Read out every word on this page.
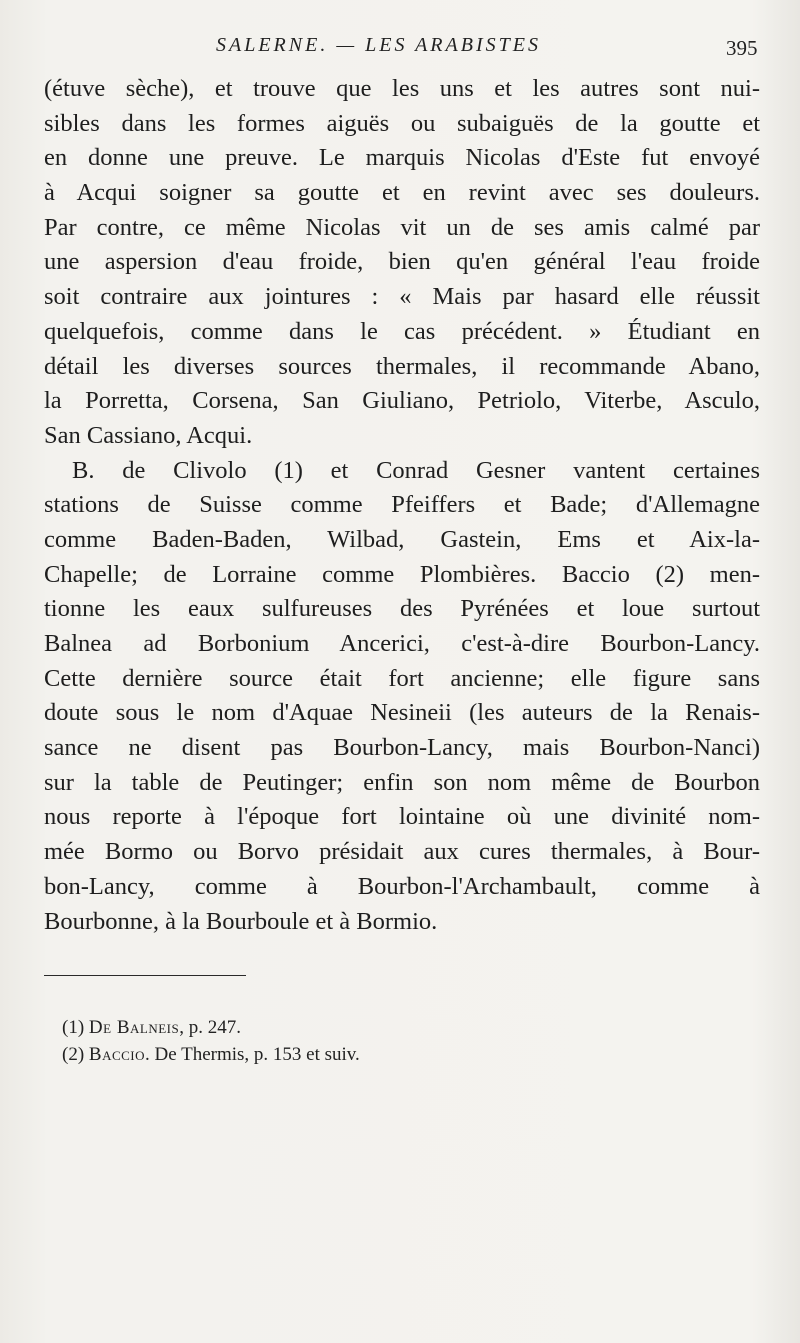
SALERNE. — LES ARABISTES	395
(étuve sèche), et trouve que les uns et les autres sont nui-
sibles dans les formes aiguës ou subaiguës de la goutte et
en donne une preuve. Le marquis Nicolas d'Este fut envoyé
à Acqui soigner sa goutte et en revint avec ses douleurs.
Par contre, ce même Nicolas vit un de ses amis calmé par
une aspersion d'eau froide, bien qu'en général l'eau froide
soit contraire aux jointures : « Mais par hasard elle réussit
quelquefois, comme dans le cas précédent. » Étudiant en
détail les diverses sources thermales, il recommande Abano,
la Porretta, Corsena, San Giuliano, Petriolo, Viterbe, Asculo,
San Cassiano, Acqui.
B. de Clivolo (1) et Conrad Gesner vantent certaines
stations de Suisse comme Pfeiffers et Bade; d'Allemagne
comme Baden-Baden, Wilbad, Gastein, Ems et Aix-la-
Chapelle; de Lorraine comme Plombières. Baccio (2) men-
tionne les eaux sulfureuses des Pyrénées et loue surtout
Balnea ad Borbonium Ancerici, c'est-à-dire Bourbon-Lancy.
Cette dernière source était fort ancienne; elle figure sans
doute sous le nom d'Aquae Nesineii (les auteurs de la Renais-
sance ne disent pas Bourbon-Lancy, mais Bourbon-Nanci)
sur la table de Peutinger; enfin son nom même de Bourbon
nous reporte à l'époque fort lointaine où une divinité nom-
mée Bormo ou Borvo présidait aux cures thermales, à Bour-
bon-Lancy, comme à Bourbon-l'Archambault, comme à
Bourbonne, à la Bourboule et à Bormio.
(1) De Balneis, p. 247.
(2) Baccio. De Thermis, p. 153 et suiv.
